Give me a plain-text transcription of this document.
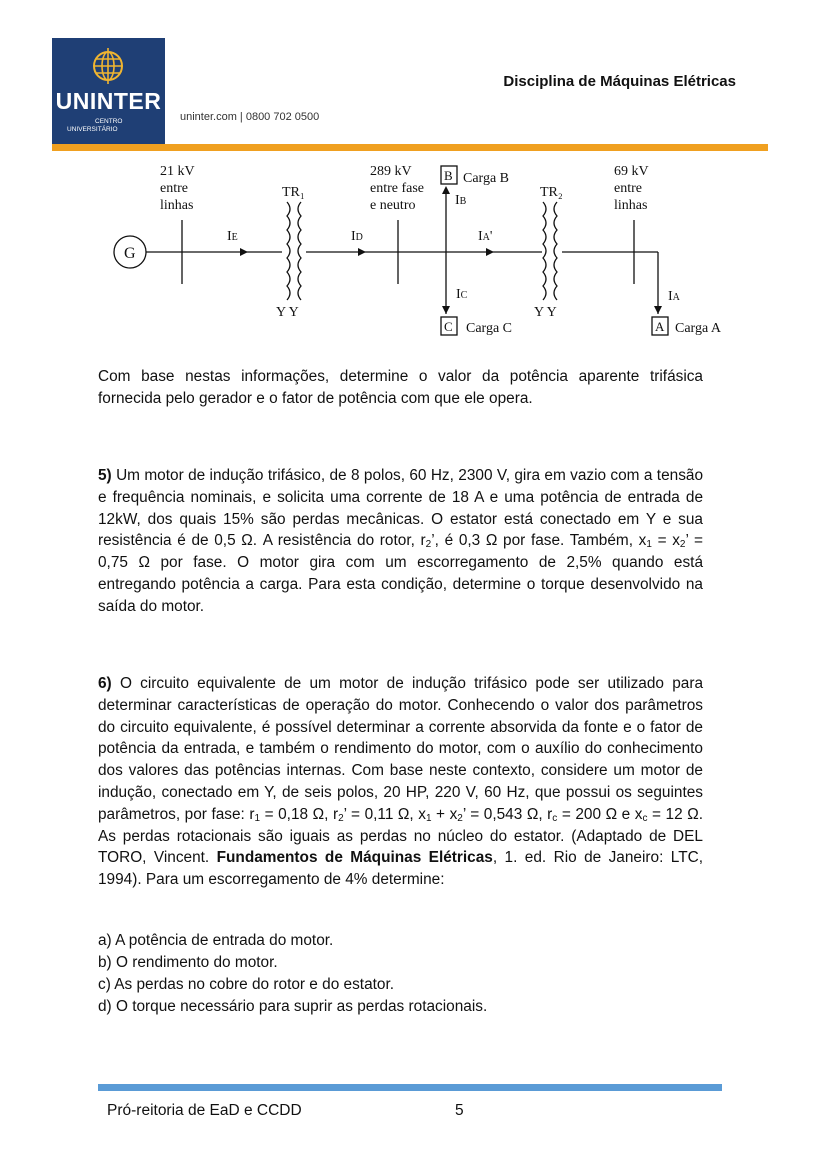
UNINTER
CENTRO
UNIVERSITÁRIO
uninter.com | 0800 702 0500
Disciplina de Máquinas Elétricas
G
21 kV
entre
linhas
TR₁
289 kV
entre fase
e neutro
B Carga B
TR₂
69 kV
entre
linhas
IE	ID
IB
IA'
IC	IA
Y Y	Y Y
C Carga C	A Carga A

Com base nestas informações, determine o valor da potência aparente trifásica fornecida pelo gerador e o fator de potência com que ele opera.

5) Um motor de indução trifásico, de 8 polos, 60 Hz, 2300 V, gira em vazio com a tensão e frequência nominais, e solicita uma corrente de 18 A e uma potência de entrada de 12kW, dos quais 15% são perdas mecânicas. O estator está conectado em Y e sua resistência é de 0,5 Ω. A resistência do rotor, $r_2$’, é 0,3 Ω por fase. Também, $x_1 = x_2$’ = 0,75 Ω por fase. O motor gira com um escorregamento de 2,5% quando está entregando potência a carga. Para esta condição, determine o torque desenvolvido na saída do motor.

6) O circuito equivalente de um motor de indução trifásico pode ser utilizado para determinar características de operação do motor. Conhecendo o valor dos parâmetros do circuito equivalente, é possível determinar a corrente absorvida da fonte e o fator de potência da entrada, e também o rendimento do motor, com o auxílio do conhecimento dos valores das potências internas. Com base neste contexto, considere um motor de indução, conectado em Y, de seis polos, 20 HP, 220 V, 60 Hz, que possui os seguintes parâmetros, por fase: $r_1 = 0,18$ Ω, $r_2$’ = 0,11 Ω, $x_1 + x_2$’ = 0,543 Ω, $r_c = 200$ Ω e $x_c = 12$ Ω. As perdas rotacionais são iguais as perdas no núcleo do estator. (Adaptado de DEL TORO, Vincent. Fundamentos de Máquinas Elétricas, 1. ed. Rio de Janeiro: LTC, 1994). Para um escorregamento de 4% determine:

a) A potência de entrada do motor.

b) O rendimento do motor.

c) As perdas no cobre do rotor e do estator.

d) O torque necessário para suprir as perdas rotacionais.

Pró-reitoria de EaD e CCDD	5
